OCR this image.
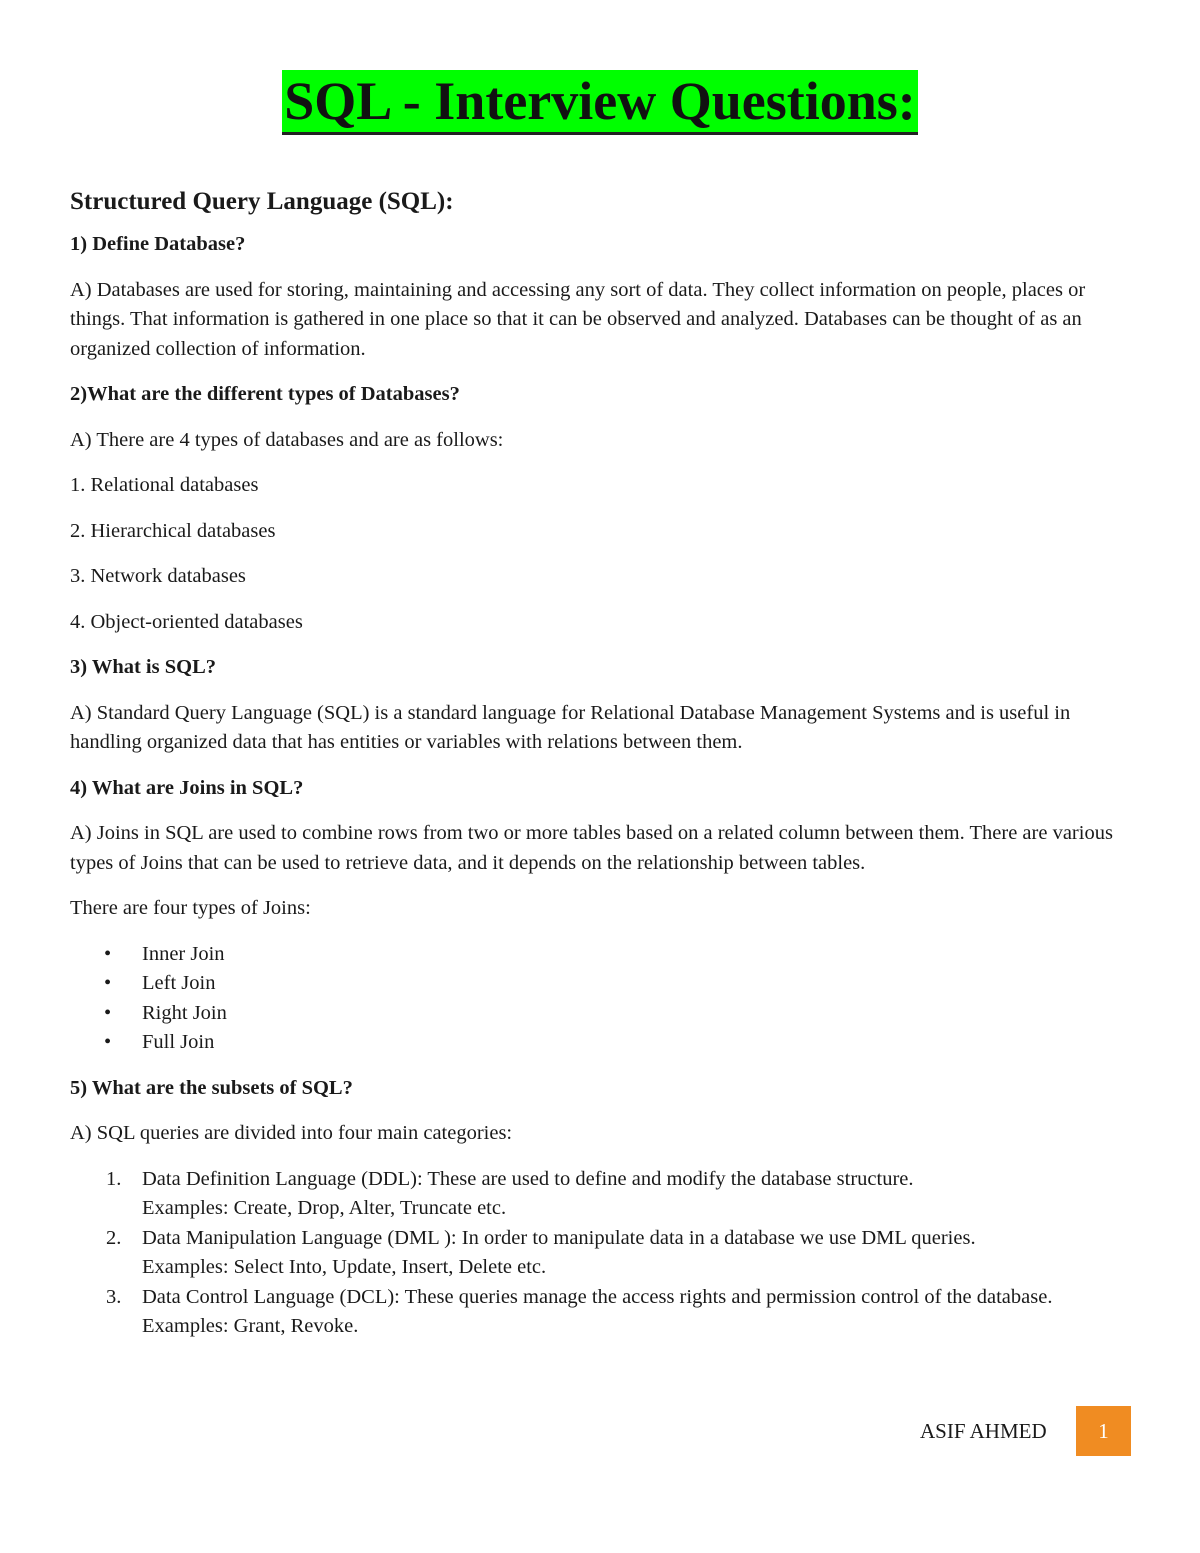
SQL - Interview Questions:

Structured Query Language (SQL):

1) Define Database?

A) Databases are used for storing, maintaining and accessing any sort of data. They collect information on people, places or things. That information is gathered in one place so that it can be observed and analyzed. Databases can be thought of as an organized collection of information.

2)What are the different types of Databases?

A) There are 4 types of databases and are as follows:

1. Relational databases

2. Hierarchical databases

3. Network databases

4. Object-oriented databases

3) What is SQL?

A) Standard Query Language (SQL) is a standard language for Relational Database Management Systems and is useful in handling organized data that has entities or variables with relations between them.

4) What are Joins in SQL?

A) Joins in SQL are used to combine rows from two or more tables based on a related column between them. There are various types of Joins that can be used to retrieve data, and it depends on the relationship between tables.

There are four types of Joins:

• Inner Join
• Left Join
• Right Join
• Full Join

5) What are the subsets of SQL?

A) SQL queries are divided into four main categories:

1. Data Definition Language (DDL): These are used to define and modify the database structure.
Examples: Create, Drop, Alter, Truncate etc.
2. Data Manipulation Language (DML ): In order to manipulate data in a database we use DML queries.
Examples: Select Into, Update, Insert, Delete etc.
3. Data Control Language (DCL): These queries manage the access rights and permission control of the database.
Examples: Grant, Revoke.
ASIF AHMED	1
